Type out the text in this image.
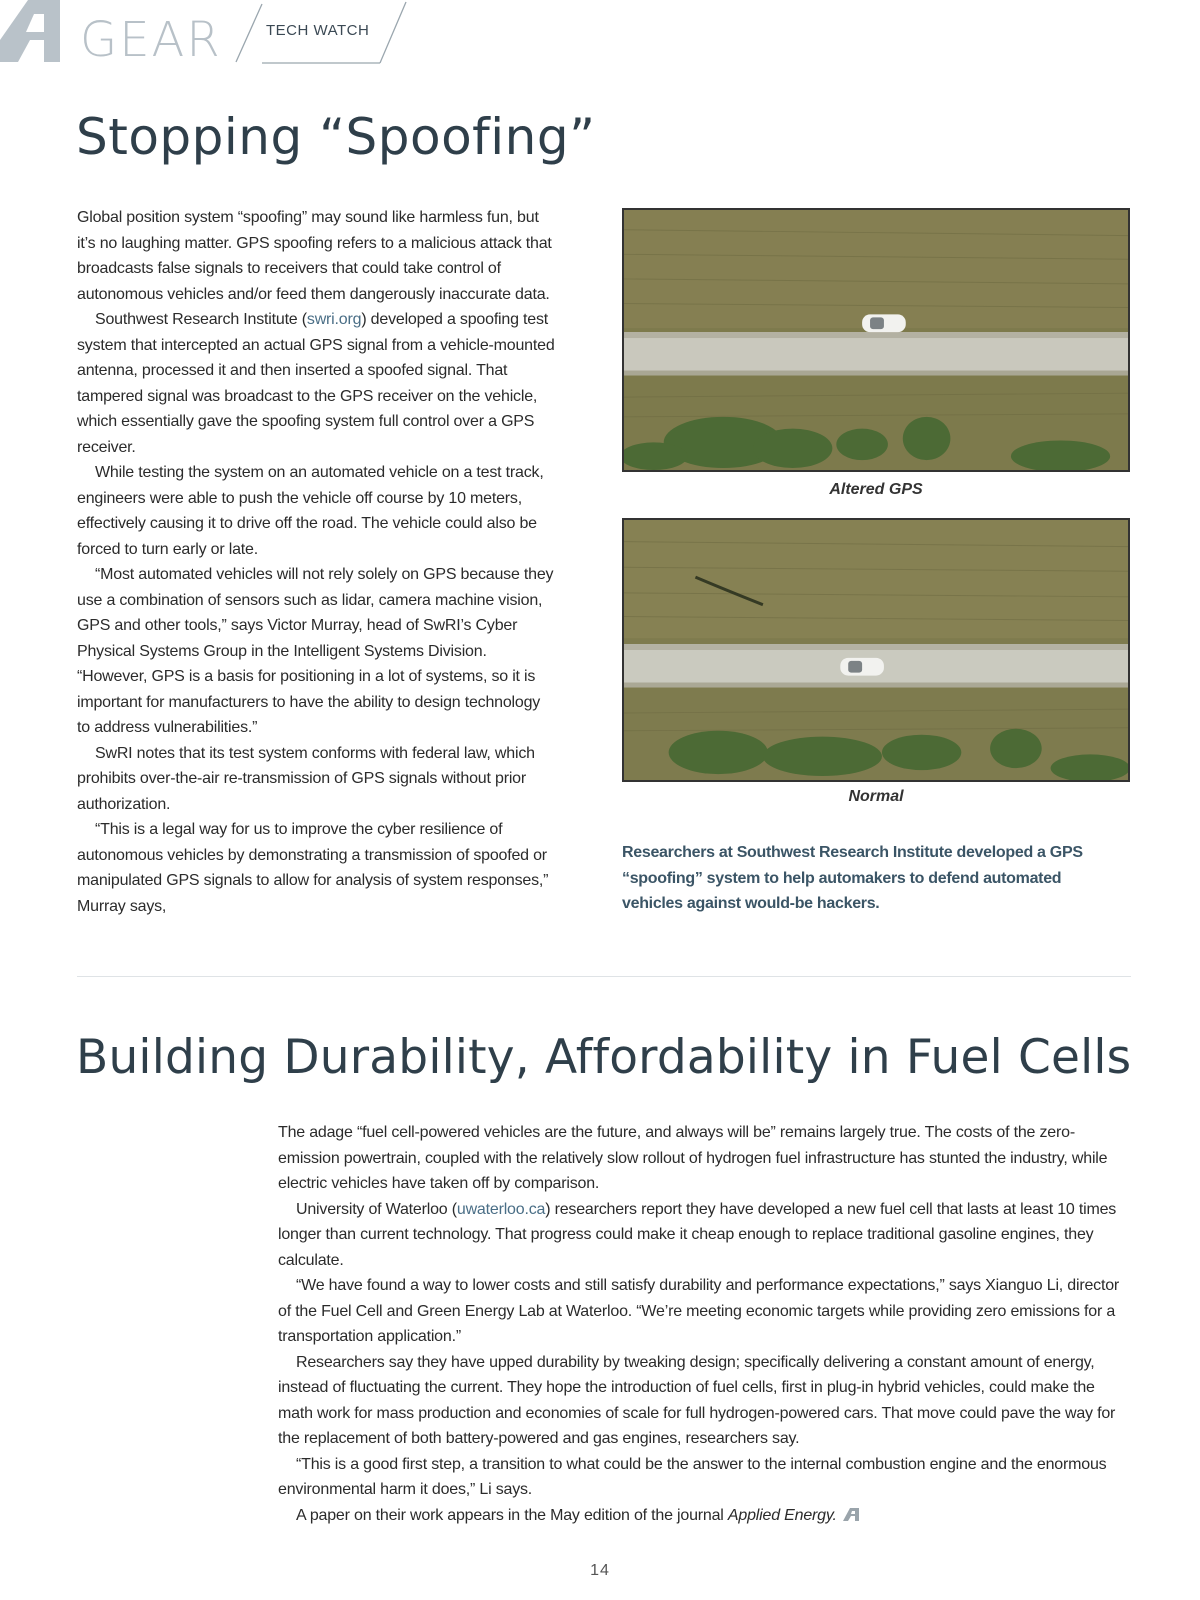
GEAR	TECH WATCH
Stopping “Spoofing”

Global position system “spoofing” may sound like harmless fun, but it’s no laughing matter. GPS spoofing refers to a malicious attack that broadcasts false signals to receivers that could take control of autonomous vehicles and/or feed them dangerously inaccurate data.

Southwest Research Institute (swri.org) developed a spoofing test system that intercepted an actual GPS signal from a vehicle-mounted antenna, processed it and then inserted a spoofed signal. That tampered signal was broadcast to the GPS receiver on the vehicle, which essentially gave the spoofing system full control over a GPS receiver.

While testing the system on an automated vehicle on a test track, engineers were able to push the vehicle off course by 10 meters, effectively causing it to drive off the road. The vehicle could also be forced to turn early or late.

“Most automated vehicles will not rely solely on GPS because they use a combination of sensors such as lidar, camera machine vision, GPS and other tools,” says Victor Murray, head of SwRI’s Cyber Physical Systems Group in the Intelligent Systems Division. “However, GPS is a basis for positioning in a lot of systems, so it is important for manufacturers to have the ability to design technology to address vulnerabilities.”

SwRI notes that its test system conforms with federal law, which prohibits over-the-air re-transmission of GPS signals without prior authorization.

“This is a legal way for us to improve the cyber resilience of autonomous vehicles by demonstrating a transmission of spoofed or manipulated GPS signals to allow for analysis of system responses,” Murray says,

Altered GPS
Normal
Researchers at Southwest Research Institute developed a GPS “spoofing” system to help automakers to defend automated vehicles against would-be hackers.
Building Durability, Affordability in Fuel Cells

The adage “fuel cell-powered vehicles are the future, and always will be” remains largely true. The costs of the zero-emission powertrain, coupled with the relatively slow rollout of hydrogen fuel infrastructure has stunted the industry, while electric vehicles have taken off by comparison.

University of Waterloo (uwaterloo.ca) researchers report they have developed a new fuel cell that lasts at least 10 times longer than current technology. That progress could make it cheap enough to replace traditional gasoline engines, they calculate.

“We have found a way to lower costs and still satisfy durability and performance expectations,” says Xianguo Li, director of the Fuel Cell and Green Energy Lab at Waterloo. “We’re meeting economic targets while providing zero emissions for a transportation application.”

Researchers say they have upped durability by tweaking design; specifically delivering a constant amount of energy, instead of fluctuating the current. They hope the introduction of fuel cells, first in plug-in hybrid vehicles, could make the math work for mass production and economies of scale for full hydrogen-powered cars. That move could pave the way for the replacement of both battery-powered and gas engines, researchers say.

“This is a good first step, a transition to what could be the answer to the internal combustion engine and the enormous environmental harm it does,” Li says.

A paper on their work appears in the May edition of the journal Applied Energy.

14
